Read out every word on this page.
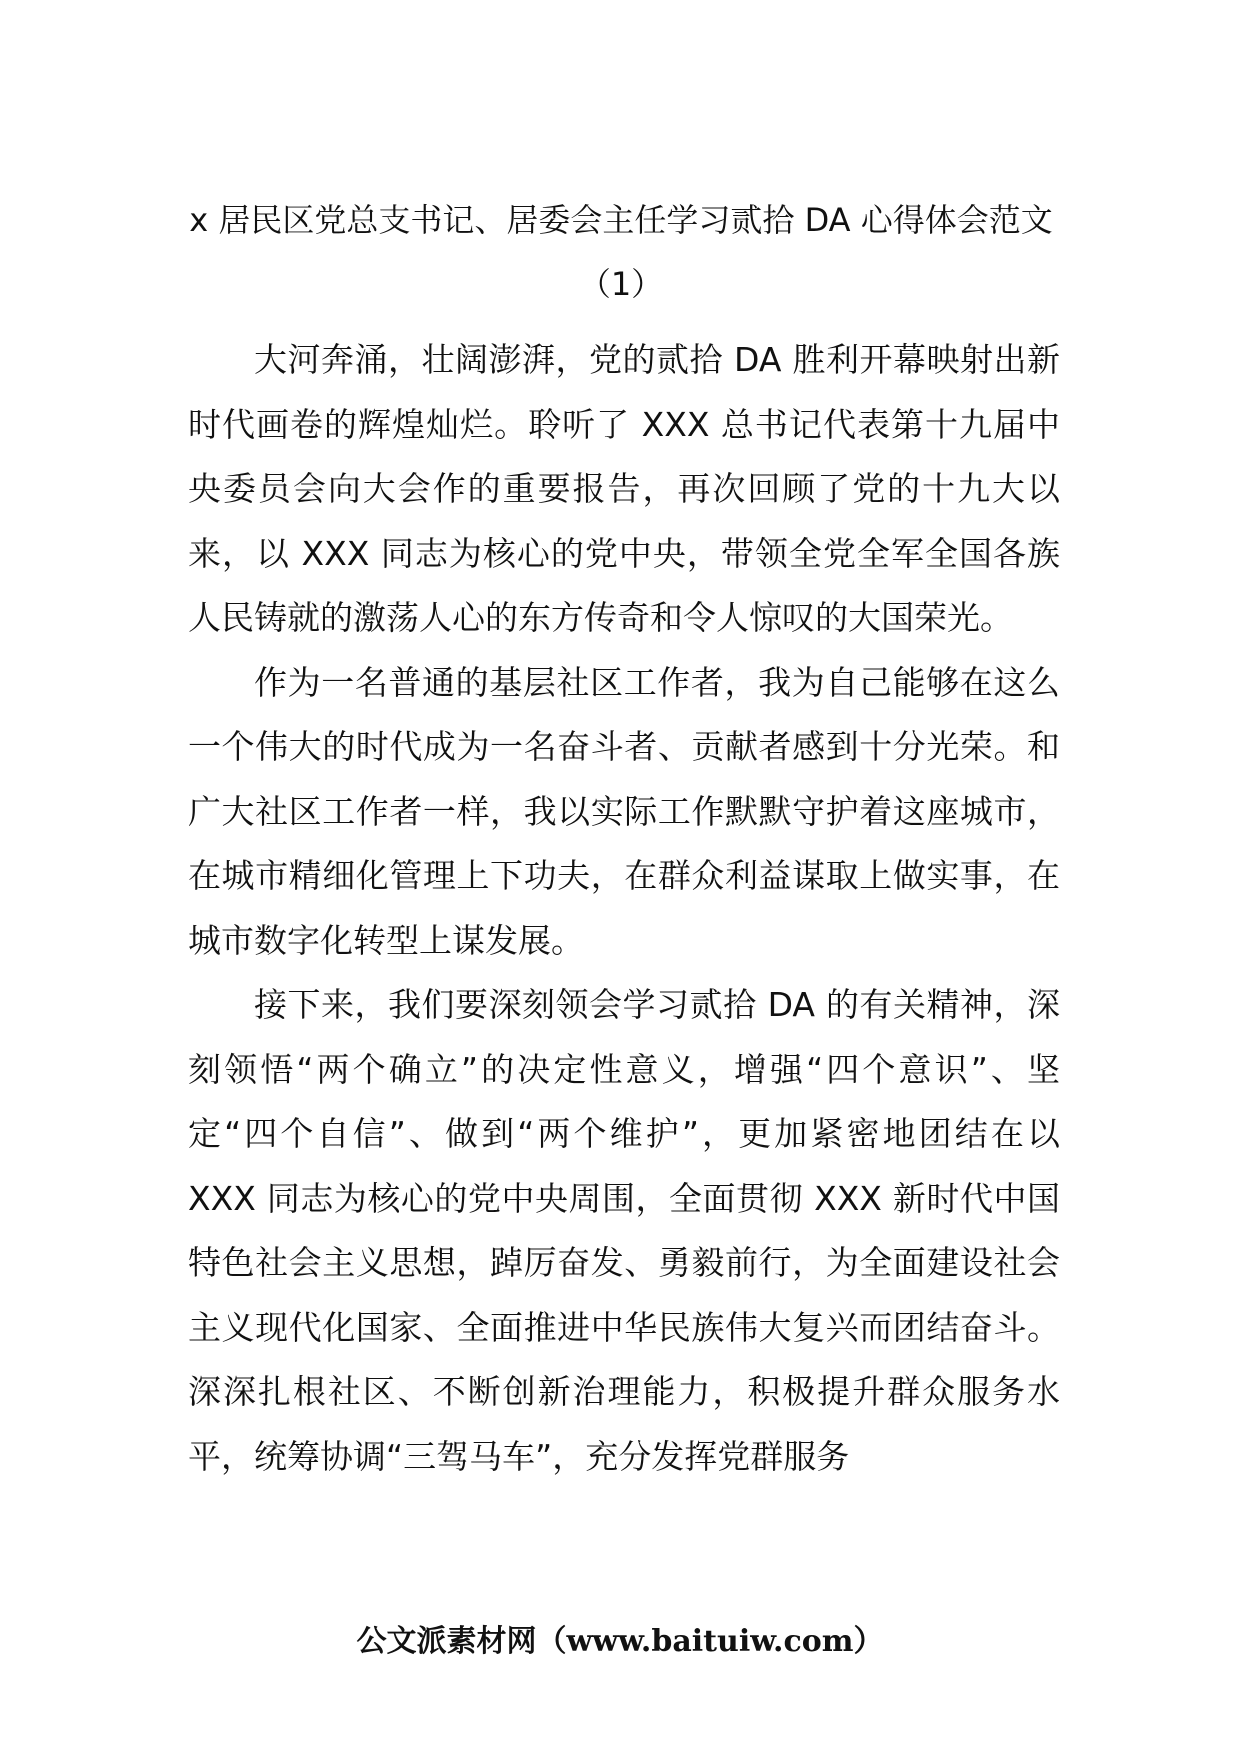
x 居民区党总支书记、居委会主任学习贰拾 DA 心得体会范文（1）

大河奔涌，壮阔澎湃，党的贰拾 DA 胜利开幕映射出新时代画卷的辉煌灿烂。聆听了 XXX 总书记代表第十九届中央委员会向大会作的重要报告，再次回顾了党的十九大以来，以 XXX 同志为核心的党中央，带领全党全军全国各族人民铸就的激荡人心的东方传奇和令人惊叹的大国荣光。

作为一名普通的基层社区工作者，我为自己能够在这么一个伟大的时代成为一名奋斗者、贡献者感到十分光荣。和广大社区工作者一样，我以实际工作默默守护着这座城市，在城市精细化管理上下功夫，在群众利益谋取上做实事，在城市数字化转型上谋发展。

接下来，我们要深刻领会学习贰拾 DA 的有关精神，深刻领悟“两个确立”的决定性意义，增强“四个意识”、坚定“四个自信”、做到“两个维护”，更加紧密地团结在以 XXX 同志为核心的党中央周围，全面贯彻 XXX 新时代中国特色社会主义思想，踔厉奋发、勇毅前行，为全面建设社会主义现代化国家、全面推进中华民族伟大复兴而团结奋斗。深深扎根社区、不断创新治理能力，积极提升群众服务水平，统筹协调“三驾马车”，充分发挥党群服务

公文派素材网（www.baituiw.com）
